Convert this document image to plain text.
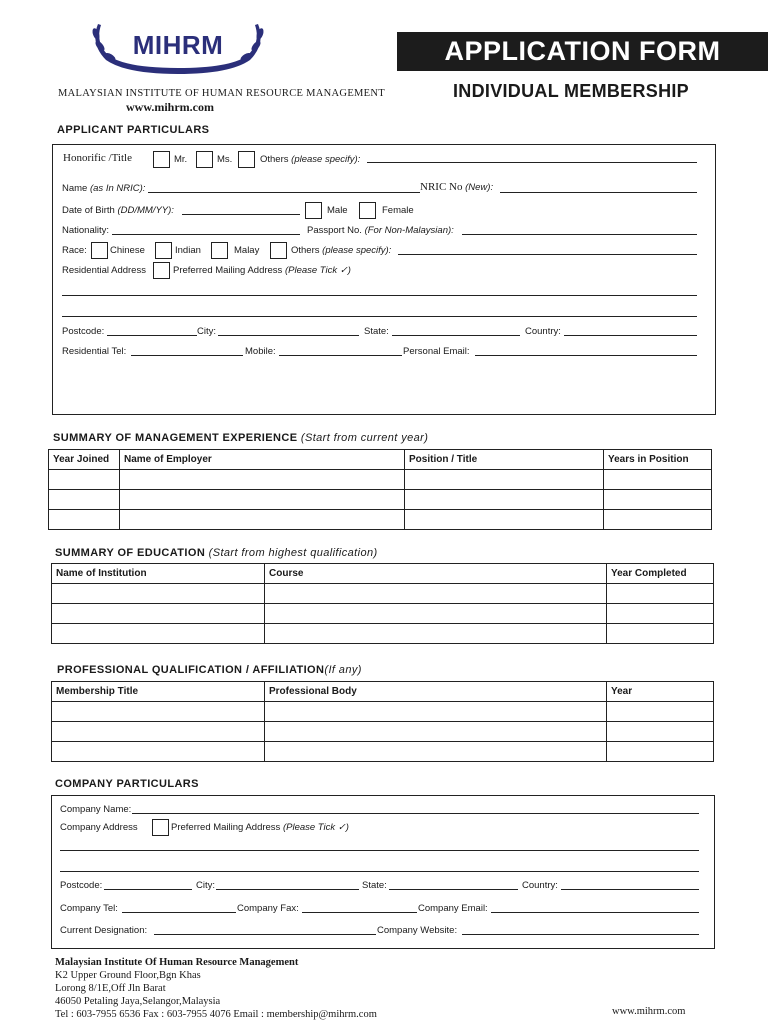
MIHRM
MALAYSIAN INSTITUTE OF HUMAN RESOURCE MANAGEMENT
www.mihrm.com
APPLICATION FORM
INDIVIDUAL MEMBERSHIP
APPLICANT PARTICULARS
Honorific /Title	Mr.	Ms.	Others (please specify):
Name (as In NRIC):	NRIC No (New):
Date of Birth (DD/MM/YY):	Male	Female
Nationality:	Passport No. (For Non-Malaysian):
Race: Chinese	Indian	Malay	Others (please specify):
Residential Address	Preferred Mailing Address (Please Tick ✓)
Postcode:	City:	State:	Country:
Residential Tel:	Mobile:	Personal Email:
SUMMARY OF MANAGEMENT EXPERIENCE (Start from current year)
Year Joined	Name of Employer	Position / Title	Years in Position

SUMMARY OF EDUCATION (Start from highest qualification)
Name of Institution	Course	Year Completed

PROFESSIONAL QUALIFICATION / AFFILIATION(If any)
Membership Title	Professional Body	Year

COMPANY PARTICULARS
Company Name:
Company Address	Preferred Mailing Address (Please Tick ✓)
Postcode:	City:	State:	Country:
Company Tel:	Company Fax:	Company Email:
Current Designation:	Company Website:
Malaysian Institute Of Human Resource Management
K2 Upper Ground Floor,Bgn Khas
Lorong 8/1E,Off Jln Barat
46050 Petaling Jaya,Selangor,Malaysia
Tel : 603-7955 6536 Fax : 603-7955 4076 Email : membership@mihrm.com	www.mihrm.com
